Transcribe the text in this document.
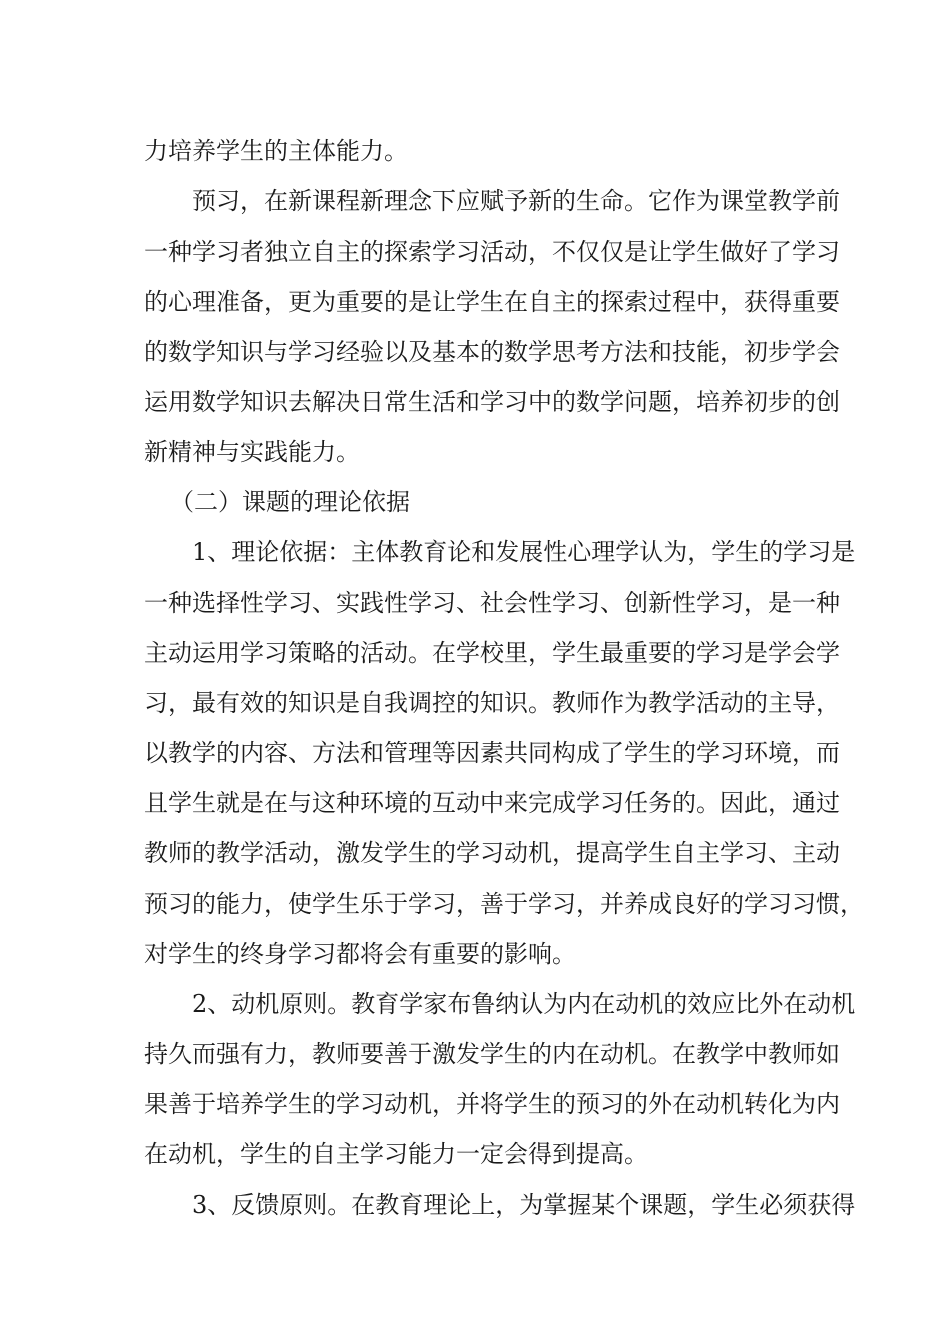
力培养学生的主体能力。
预习，在新课程新理念下应赋予新的生命。它作为课堂教学前
一种学习者独立自主的探索学习活动，不仅仅是让学生做好了学习
的心理准备，更为重要的是让学生在自主的探索过程中，获得重要
的数学知识与学习经验以及基本的数学思考方法和技能，初步学会
运用数学知识去解决日常生活和学习中的数学问题，培养初步的创
新精神与实践能力。
（二）课题的理论依据
1、理论依据：主体教育论和发展性心理学认为，学生的学习是
一种选择性学习、实践性学习、社会性学习、创新性学习，是一种
主动运用学习策略的活动。在学校里，学生最重要的学习是学会学
习，最有效的知识是自我调控的知识。教师作为教学活动的主导，
以教学的内容、方法和管理等因素共同构成了学生的学习环境，而
且学生就是在与这种环境的互动中来完成学习任务的。因此，通过
教师的教学活动，激发学生的学习动机，提高学生自主学习、主动
预习的能力，使学生乐于学习，善于学习，并养成良好的学习习惯，
对学生的终身学习都将会有重要的影响。
2、动机原则。教育学家布鲁纳认为内在动机的效应比外在动机
持久而强有力，教师要善于激发学生的内在动机。在教学中教师如
果善于培养学生的学习动机，并将学生的预习的外在动机转化为内
在动机，学生的自主学习能力一定会得到提高。
3、反馈原则。在教育理论上，为掌握某个课题，学生必须获得
